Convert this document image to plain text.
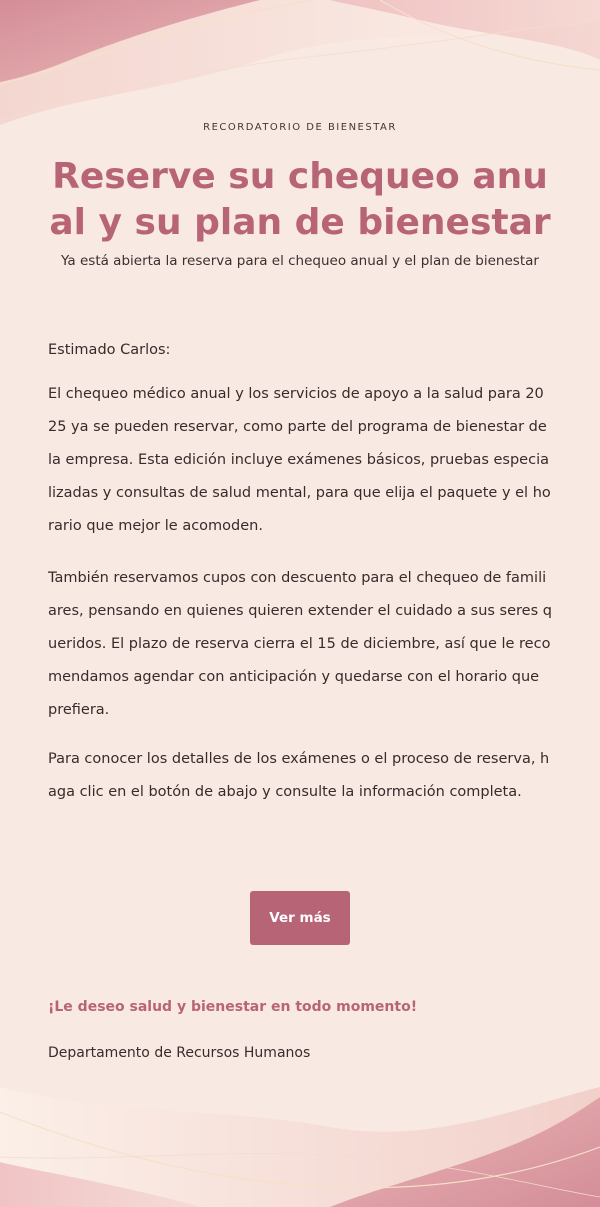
RECORDATORIO DE BIENESTAR

Reserve su chequeo anual y su plan de bienestar

Ya está abierta la reserva para el chequeo anual y el plan de bienestar

Estimado Carlos:

El chequeo médico anual y los servicios de apoyo a la salud para 2025 ya se pueden reservar, como parte del programa de bienestar de la empresa. Esta edición incluye exámenes básicos, pruebas especializadas y consultas de salud mental, para que elija el paquete y el horario que mejor le acomoden.

También reservamos cupos con descuento para el chequeo de familiares, pensando en quienes quieren extender el cuidado a sus seres queridos. El plazo de reserva cierra el 15 de diciembre, así que le recomendamos agendar con anticipación y quedarse con el horario que prefiera.

Para conocer los detalles de los exámenes o el proceso de reserva, haga clic en el botón de abajo y consulte la información completa.

Ver más

¡Le deseo salud y bienestar en todo momento!

Departamento de Recursos Humanos
